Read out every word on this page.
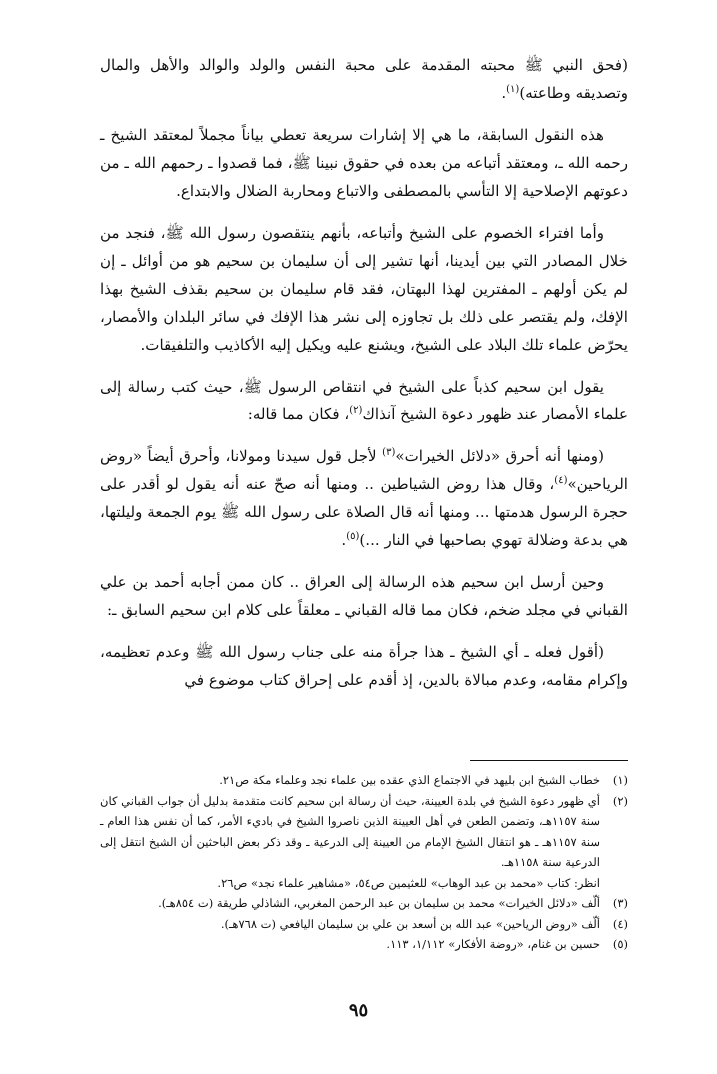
(فحق النبي ﷺ محبته المقدمة على محبة النفس والولد والوالد والأهل والمال وتصديقه وطاعته)$^{(١)}$.

هذه النقول السابقة، ما هي إلا إشارات سريعة تعطي بياناً مجملاً لمعتقد الشيخ ـ رحمه الله ـ، ومعتقد أتباعه من بعده في حقوق نبينا ﷺ، فما قصدوا ـ رحمهم الله ـ من دعوتهم الإصلاحية إلا التأسي بالمصطفى والاتباع ومحاربة الضلال والابتداع.

وأما افتراء الخصوم على الشيخ وأتباعه، بأنهم ينتقصون رسول الله ﷺ، فنجد من خلال المصادر التي بين أيدينا، أنها تشير إلى أن سليمان بن سحيم هو من أوائل ـ إن لم يكن أولهم ـ المفترين لهذا البهتان، فقد قام سليمان بن سحيم بقذف الشيخ بهذا الإفك، ولم يقتصر على ذلك بل تجاوزه إلى نشر هذا الإفك في سائر البلدان والأمصار، يحرّض علماء تلك البلاد على الشيخ، ويشنع عليه ويكيل إليه الأكاذيب والتلفيقات.

يقول ابن سحيم كذباً على الشيخ في انتقاص الرسول ﷺ، حيث كتب رسالة إلى علماء الأمصار عند ظهور دعوة الشيخ آنذاك$^{(٢)}$، فكان مما قاله:

(ومنها أنه أحرق «دلائل الخيرات»$^{(٣)}$ لأجل قول سيدنا ومولانا، وأحرق أيضاً «روض الرياحين»$^{(٤)}$، وقال هذا روض الشياطين .. ومنها أنه صحّ عنه أنه يقول لو أقدر على حجرة الرسول هدمتها ... ومنها أنه قال الصلاة على رسول الله ﷺ يوم الجمعة وليلتها، هي بدعة وضلالة تهوي بصاحبها في النار ...)$^{(٥)}$.

وحين أرسل ابن سحيم هذه الرسالة إلى العراق .. كان ممن أجابه أحمد بن علي القباني في مجلد ضخم، فكان مما قاله القباني ـ معلقاً على كلام ابن سحيم السابق ـ:

(أقول فعله ـ أي الشيخ ـ هذا جرأة منه على جناب رسول الله ﷺ وعدم تعظيمه، وإكرام مقامه، وعدم مبالاة بالدين، إذ أقدم على إحراق كتاب موضوع في

(١)
خطاب الشيخ ابن بليهد في الاجتماع الذي عقده بين علماء نجد وعلماء مكة ص٢١.
(٢)
أي ظهور دعوة الشيخ في بلدة العيينة، حيث أن رسالة ابن سحيم كانت متقدمة بدليل أن جواب القباني كان سنة ١١٥٧هـ، وتضمن الطعن في أهل العيينة الذين ناصروا الشيخ في باديء الأمر، كما أن نفس هذا العام ـ سنة ١١٥٧هـ ـ هو انتقال الشيخ الإمام من العيينة إلى الدرعية ـ وقد ذكر بعض الباحثين أن الشيخ انتقل إلى الدرعية سنة ١١٥٨هـ.
انظر: كتاب «محمد بن عبد الوهاب» للعثيمين ص٥٤، «مشاهير علماء نجد» ص٢٦.
(٣)
ألّف «دلائل الخيرات» محمد بن سليمان بن عبد الرحمن المغربي، الشاذلي طريقة (ت ٨٥٤هـ).
(٤)
ألّف «روض الرياحين» عبد الله بن أسعد بن علي بن سليمان اليافعي (ت ٧٦٨هـ).
(٥)
حسين بن غنام، «روضة الأفكار» ١/١١٢، ١١٣.
٩٥
